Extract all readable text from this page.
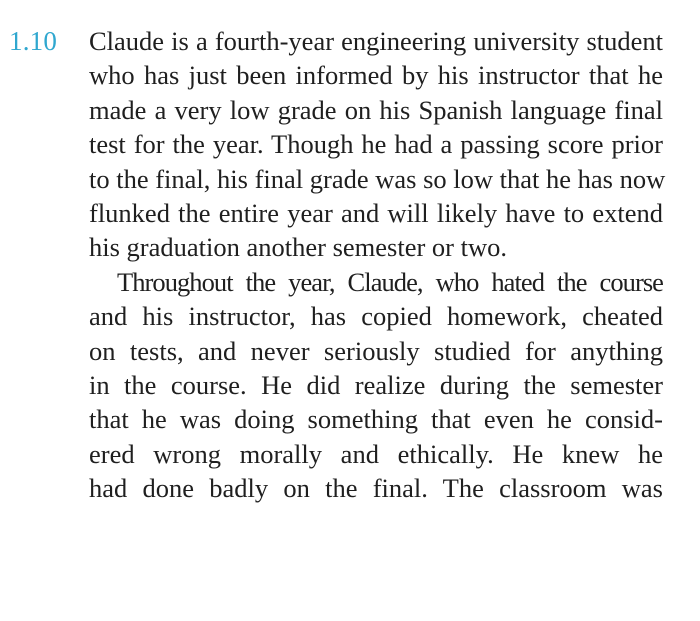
1.10 Claude is a fourth-year engineering university student
who has just been informed by his instructor that he
made a very low grade on his Spanish language final
test for the year. Though he had a passing score prior
to the final, his final grade was so low that he has now
flunked the entire year and will likely have to extend
his graduation another semester or two.
Throughout the year, Claude, who hated the course
and his instructor, has copied homework, cheated
on tests, and never seriously studied for anything
in the course. He did realize during the semester
that he was doing something that even he consid-
ered wrong morally and ethically. He knew he
had done badly on the final. The classroom was
